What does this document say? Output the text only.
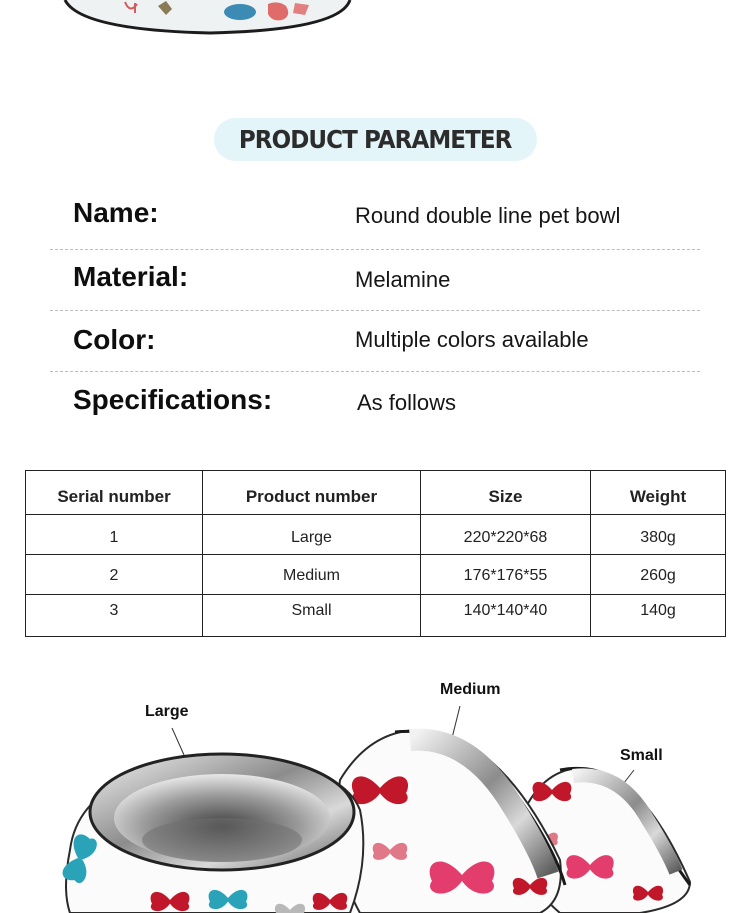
PRODUCT PARAMETER
Name:	Round double line pet bowl
Material:	Melamine
Color:	Multiple colors available
Specifications:	As follows
Serial number	Product number	Size	Weight
1	Large	220*220*68	380g
2	Medium	176*176*55	260g
3	Small	140*140*40	140g
Large
Medium
Small
